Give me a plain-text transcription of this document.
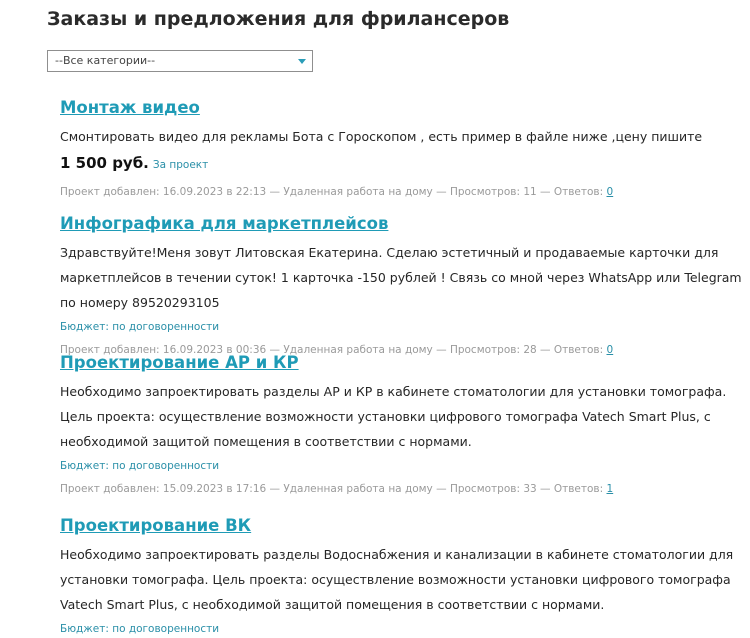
Заказы и предложения для фрилансеров
--Все категории--
Монтаж видео

Смонтировать видео для рекламы Бота с Гороскопом , есть пример в файле ниже ,цену пишите

1 500 руб. За проект
Проект добавлен: 16.09.2023 в 22:13 — Удаленная работа на дому — Просмотров: 11 — Ответов: 0
Инфографика для маркетплейсов

Здравствуйте!Меня зовут Литовская Екатерина. Сделаю эстетичный и продаваемые карточки для маркетплейсов в течении суток! 1 карточка -150 рублей ! Связь со мной через WhatsApp или Telegram по номеру 89520293105

Бюджет: по договоренности
Проект добавлен: 16.09.2023 в 00:36 — Удаленная работа на дому — Просмотров: 28 — Ответов: 0
Проектирование АР и КР

Необходимо запроектировать разделы АР и КР в кабинете стоматологии для установки томографа. Цель проекта: осуществление возможности установки цифрового томографа Vatech Smart Plus, с необходимой защитой помещения в соответствии с нормами.

Бюджет: по договоренности
Проект добавлен: 15.09.2023 в 17:16 — Удаленная работа на дому — Просмотров: 33 — Ответов: 1
Проектирование ВК

Необходимо запроектировать разделы Водоснабжения и канализации в кабинете стоматологии для установки томографа. Цель проекта: осуществление возможности установки цифрового томографа Vatech Smart Plus, с необходимой защитой помещения в соответствии с нормами.

Бюджет: по договоренности
